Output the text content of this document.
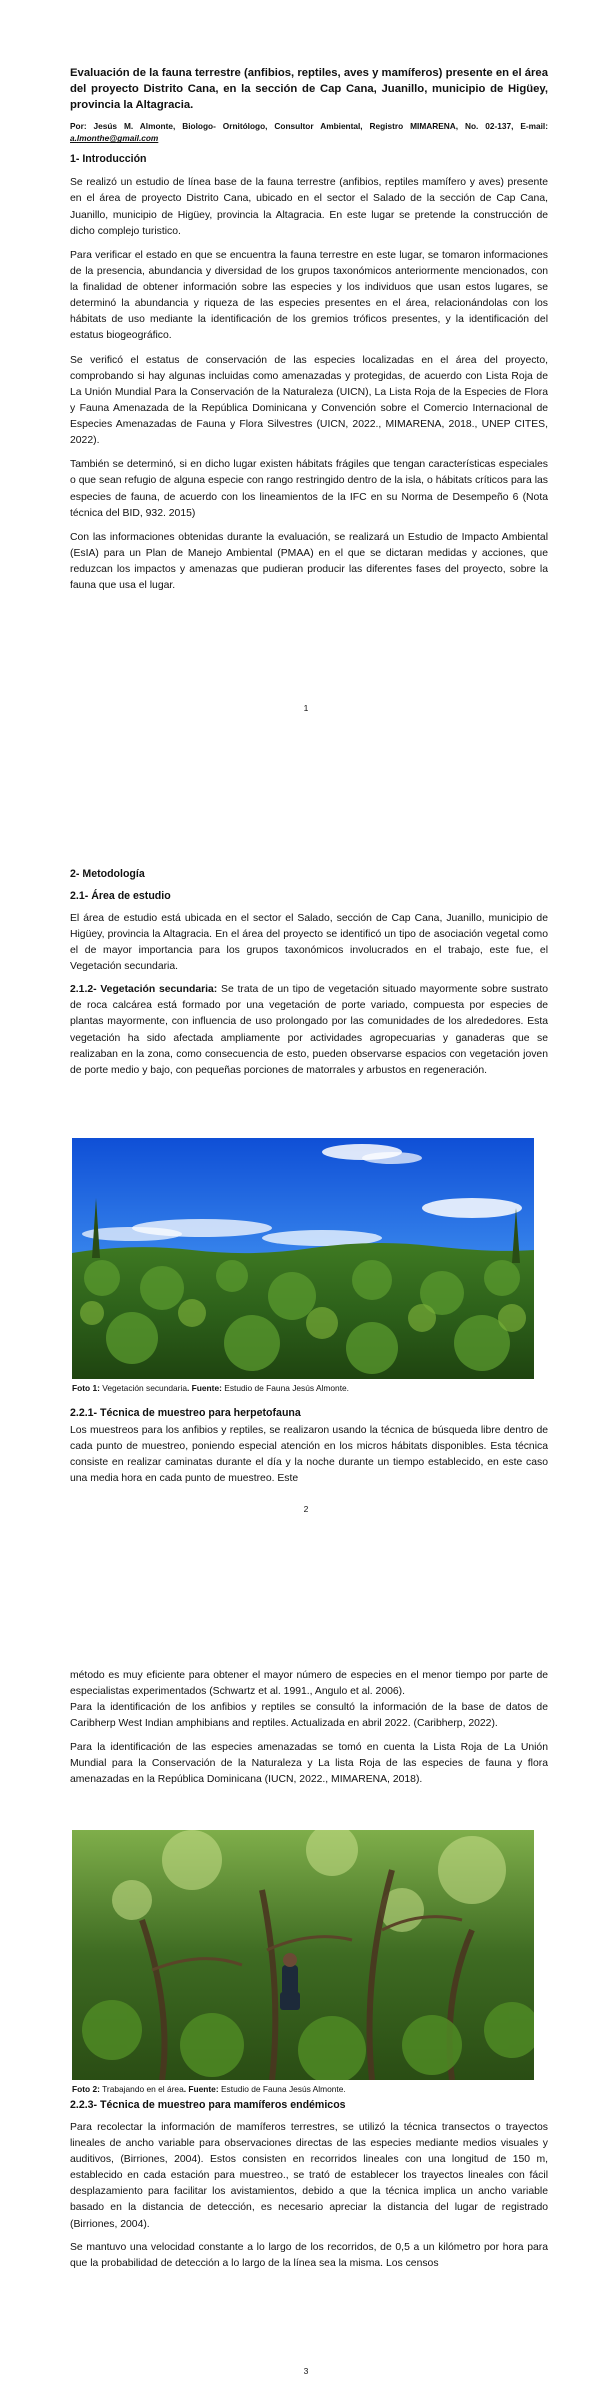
Evaluación de la fauna terrestre (anfibios, reptiles, aves y mamíferos) presente en el área del proyecto Distrito Cana, en la sección de Cap Cana, Juanillo, municipio de Higüey, provincia la Altagracia.

Por: Jesús M. Almonte, Biologo- Ornitólogo, Consultor Ambiental, Registro MIMARENA, No. 02-137, E-mail: a.lmonthe@gmail.com

1- Introducción

Se realizó un estudio de línea base de la fauna terrestre (anfibios, reptiles mamífero y aves) presente en el área de proyecto Distrito Cana, ubicado en el sector el Salado de la sección de Cap Cana, Juanillo, municipio de Higüey, provincia la Altagracia. En este lugar se pretende la construcción de dicho complejo turistico.

Para verificar el estado en que se encuentra la fauna terrestre en este lugar, se tomaron informaciones de la presencia, abundancia y diversidad de los grupos taxonómicos anteriormente mencionados, con la finalidad de obtener información sobre las especies y los individuos que usan estos lugares, se determinó la abundancia y riqueza de las especies presentes en el área, relacionándolas con los hábitats de uso mediante la identificación de los gremios tróficos presentes, y la identificación del estatus biogeográfico.

Se verificó el estatus de conservación de las especies localizadas en el área del proyecto, comprobando si hay algunas incluidas como amenazadas y protegidas, de acuerdo con Lista Roja de La Unión Mundial Para la Conservación de la Naturaleza (UICN), La Lista Roja de la Especies de Flora y Fauna Amenazada de la República Dominicana y Convención sobre el Comercio Internacional de Especies Amenazadas de Fauna y Flora Silvestres (UICN, 2022., MIMARENA, 2018., UNEP CITES, 2022).

También se determinó, si en dicho lugar existen hábitats frágiles que tengan características especiales o que sean refugio de alguna especie con rango restringido dentro de la isla, o hábitats críticos para las especies de fauna, de acuerdo con los lineamientos de la IFC en su Norma de Desempeño 6 (Nota técnica del BID, 932. 2015)

Con las informaciones obtenidas durante la evaluación, se realizará un Estudio de Impacto Ambiental (EsIA) para un Plan de Manejo Ambiental (PMAA) en el que se dictaran medidas y acciones, que reduzcan los impactos y amenazas que pudieran producir las diferentes fases del proyecto, sobre la fauna que usa el lugar.

1
2- Metodología
2.1- Área de estudio

El área de estudio está ubicada en el sector el Salado, sección de Cap Cana, Juanillo, municipio de Higüey, provincia la Altagracia. En el área del proyecto se identificó un tipo de asociación vegetal como el de mayor importancia para los grupos taxonómicos involucrados en el trabajo, este fue, el Vegetación secundaria.

2.1.2- Vegetación secundaria: Se trata de un tipo de vegetación situado mayormente sobre sustrato de roca calcárea está formado por una vegetación de porte variado, compuesta por especies de plantas mayormente, con influencia de uso prolongado por las comunidades de los alrededores. Esta vegetación ha sido afectada ampliamente por actividades agropecuarias y ganaderas que se realizaban en la zona, como consecuencia de esto, pueden observarse espacios con vegetación joven de porte medio y bajo, con pequeñas porciones de matorrales y arbustos en regeneración.

Foto 1: Vegetación secundaria. Fuente: Estudio de Fauna Jesús Almonte.
2.2.1- Técnica de muestreo para herpetofauna

Los muestreos para los anfibios y reptiles, se realizaron usando la técnica de búsqueda libre dentro de cada punto de muestreo, poniendo especial atención en los micros hábitats disponibles. Esta técnica consiste en realizar caminatas durante el día y la noche durante un tiempo establecido, en este caso una media hora en cada punto de muestreo. Este

2

método es muy eficiente para obtener el mayor número de especies en el menor tiempo por parte de especialistas experimentados (Schwartz et al. 1991., Angulo et al. 2006).

Para la identificación de los anfibios y reptiles se consultó la información de la base de datos de Caribherp West Indian amphibians and reptiles. Actualizada en abril 2022. (Caribherp, 2022).

Para la identificación de las especies amenazadas se tomó en cuenta la Lista Roja de La Unión Mundial para la Conservación de la Naturaleza y La lista Roja de las especies de fauna y flora amenazadas en la República Dominicana (IUCN, 2022., MIMARENA, 2018).

Foto 2: Trabajando en el área. Fuente: Estudio de Fauna Jesús Almonte.
2.2.3- Técnica de muestreo para mamíferos endémicos

Para recolectar la información de mamíferos terrestres, se utilizó la técnica transectos o trayectos lineales de ancho variable para observaciones directas de las especies mediante medios visuales y auditivos, (Birriones, 2004). Estos consisten en recorridos lineales con una longitud de 150 m, establecido en cada estación para muestreo., se trató de establecer los trayectos lineales con fácil desplazamiento para facilitar los avistamientos, debido a que la técnica implica un ancho variable basado en la distancia de detección, es necesario apreciar la distancia del lugar de registrado (Birriones, 2004).

Se mantuvo una velocidad constante a lo largo de los recorridos, de 0,5 a un kilómetro por hora para que la probabilidad de detección a lo largo de la línea sea la misma. Los censos

3
